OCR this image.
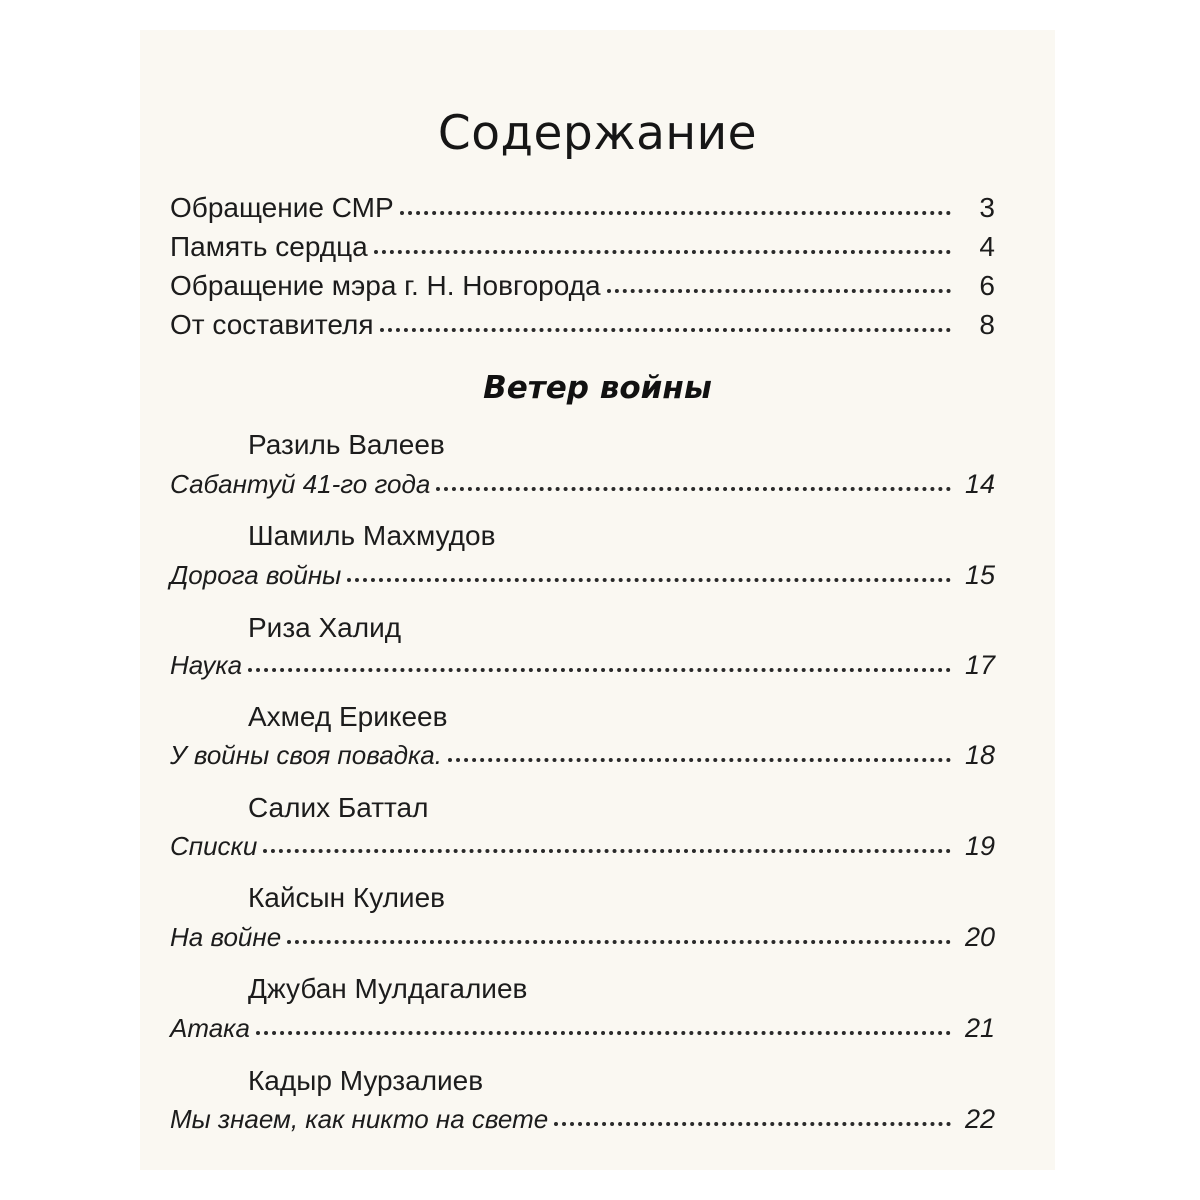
Содержание
Обращение СМР	3
Память сердца	4
Обращение мэра г. Н. Новгорода	6
От составителя	8
Ветер войны
Разиль Валеев
Сабантуй 41-го года	14
Шамиль Махмудов
Дорога войны	15
Риза Халид
Наука	17
Ахмед Ерикеев
У войны своя повадка.	18
Салих Баттал
Списки	19
Кайсын Кулиев
На войне	20
Джубан Мулдагалиев
Атака	21
Кадыр Мурзалиев
Мы знаем, как никто на свете	22
